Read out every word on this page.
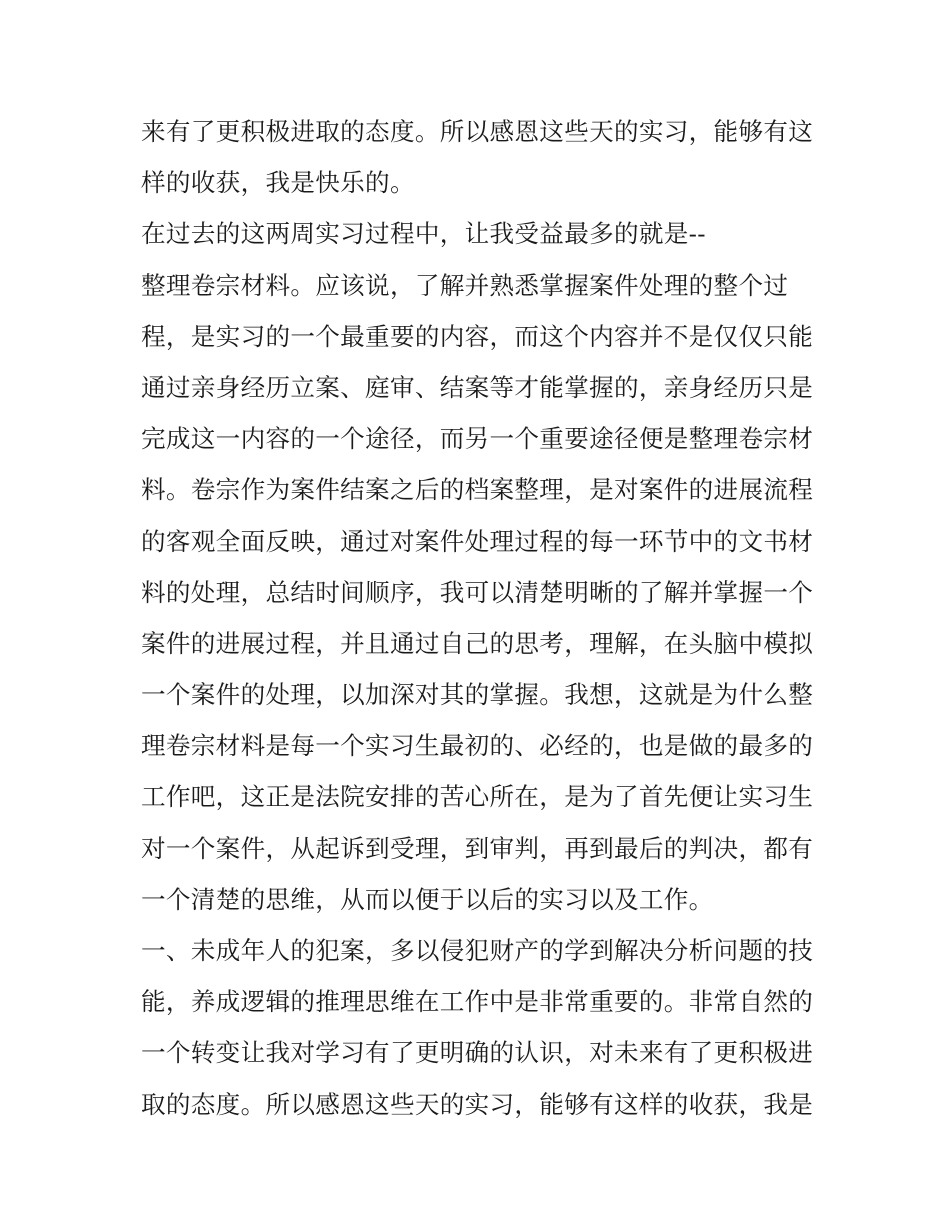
来有了更积极进取的态度。所以感恩这些天的实习，能够有这
样的收获，我是快乐的。
在过去的这两周实习过程中，让我受益最多的就是--
整理卷宗材料。应该说，了解并熟悉掌握案件处理的整个过
程，是实习的一个最重要的内容，而这个内容并不是仅仅只能
通过亲身经历立案、庭审、结案等才能掌握的，亲身经历只是
完成这一内容的一个途径，而另一个重要途径便是整理卷宗材
料。卷宗作为案件结案之后的档案整理，是对案件的进展流程
的客观全面反映，通过对案件处理过程的每一环节中的文书材
料的处理，总结时间顺序，我可以清楚明晰的了解并掌握一个
案件的进展过程，并且通过自己的思考，理解，在头脑中模拟
一个案件的处理，以加深对其的掌握。我想，这就是为什么整
理卷宗材料是每一个实习生最初的、必经的，也是做的最多的
工作吧，这正是法院安排的苦心所在，是为了首先便让实习生
对一个案件，从起诉到受理，到审判，再到最后的判决，都有
一个清楚的思维，从而以便于以后的实习以及工作。
一、未成年人的犯案，多以侵犯财产的学到解决分析问题的技
能，养成逻辑的推理思维在工作中是非常重要的。非常自然的
一个转变让我对学习有了更明确的认识，对未来有了更积极进
取的态度。所以感恩这些天的实习，能够有这样的收获，我是
